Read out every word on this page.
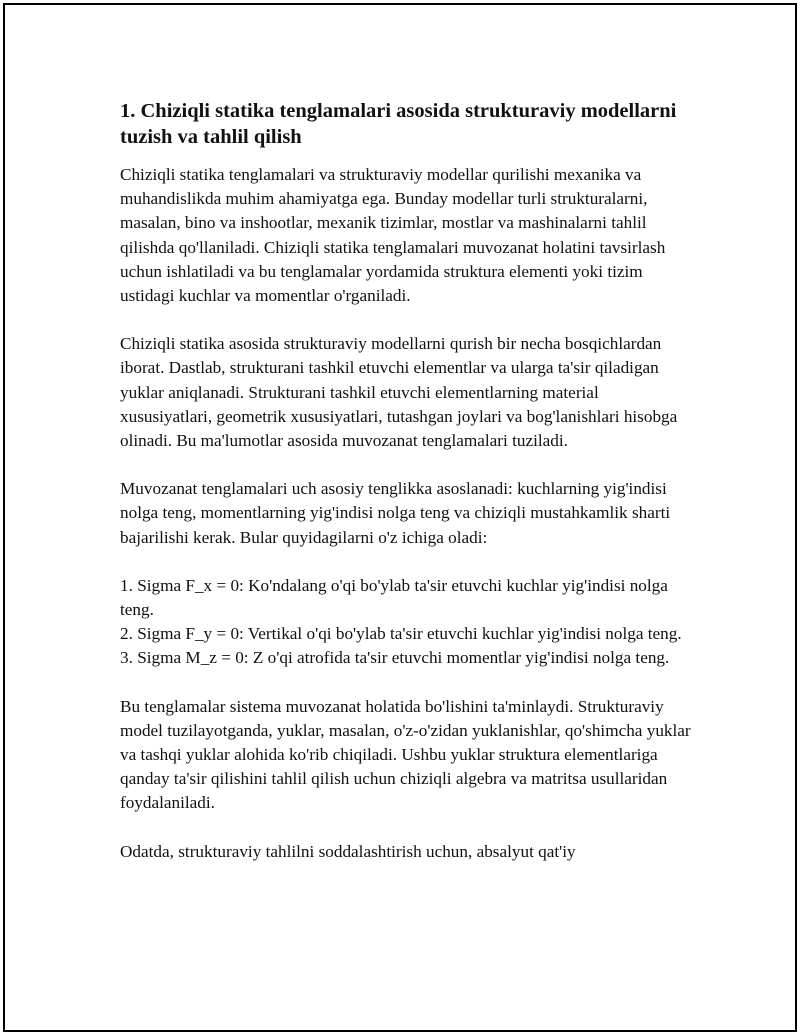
1. Chiziqli statika tenglamalari asosida strukturaviy modellarni tuzish va tahlil qilish

Chiziqli statika tenglamalari va strukturaviy modellar qurilishi mexanika va muhandislikda muhim ahamiyatga ega. Bunday modellar turli strukturalarni, masalan, bino va inshootlar, mexanik tizimlar, mostlar va mashinalarni tahlil qilishda qo'llaniladi. Chiziqli statika tenglamalari muvozanat holatini tavsirlash uchun ishlatiladi va bu tenglamalar yordamida struktura elementi yoki tizim ustidagi kuchlar va momentlar o'rganiladi.

Chiziqli statika asosida strukturaviy modellarni qurish bir necha bosqichlardan iborat. Dastlab, strukturani tashkil etuvchi elementlar va ularga ta'sir qiladigan yuklar aniqlanadi. Strukturani tashkil etuvchi elementlarning material xususiyatlari, geometrik xususiyatlari, tutashgan joylari va bog'lanishlari hisobga olinadi. Bu ma'lumotlar asosida muvozanat tenglamalari tuziladi.

Muvozanat tenglamalari uch asosiy tenglikka asoslanadi: kuchlarning yig'indisi nolga teng, momentlarning yig'indisi nolga teng va chiziqli mustahkamlik sharti bajarilishi kerak. Bular quyidagilarni o'z ichiga oladi:

1. Sigma F_x = 0: Ko'ndalang o'qi bo'ylab ta'sir etuvchi kuchlar yig'indisi nolga teng.
2. Sigma F_y = 0: Vertikal o'qi bo'ylab ta'sir etuvchi kuchlar yig'indisi nolga teng.
3. Sigma M_z = 0: Z o'qi atrofida ta'sir etuvchi momentlar yig'indisi nolga teng.

Bu tenglamalar sistema muvozanat holatida bo'lishini ta'minlaydi. Strukturaviy model tuzilayotganda, yuklar, masalan, o'z-o'zidan yuklanishlar, qo'shimcha yuklar va tashqi yuklar alohida ko'rib chiqiladi. Ushbu yuklar struktura elementlariga qanday ta'sir qilishini tahlil qilish uchun chiziqli algebra va matritsa usullaridan foydalaniladi.

Odatda, strukturaviy tahlilni soddalashtirish uchun, absalyut qat'iy
